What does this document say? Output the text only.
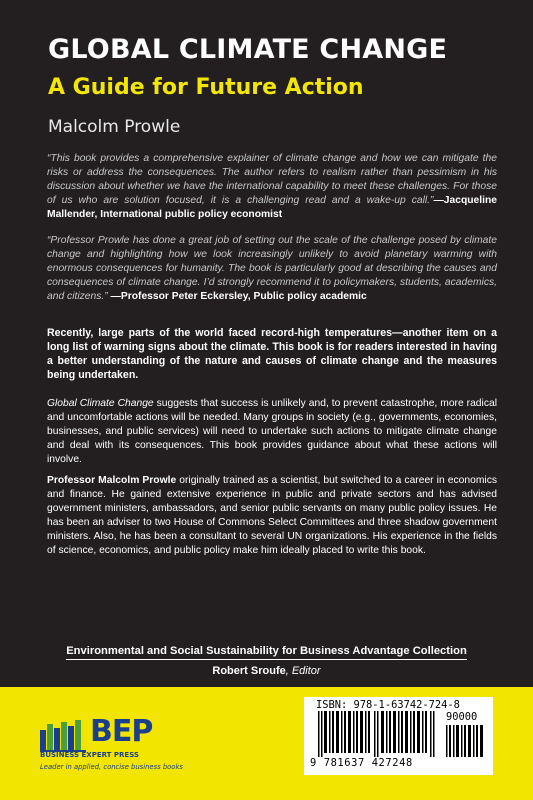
GLOBAL CLIMATE CHANGE
A Guide for Future Action
Malcolm Prowle
“This book provides a comprehensive explainer of climate change and how we can mitigate the risks or address the consequences. The author refers to realism rather than pessimism in his discussion about whether we have the international capability to meet these challenges. For those of us who are solution focused, it is a challenging read and a wake-up call.”—Jacqueline Mallender, International public policy economist
“Professor Prowle has done a great job of setting out the scale of the challenge posed by climate change and highlighting how we look increasingly unlikely to avoid planetary warming with enormous consequences for humanity. The book is particularly good at describing the causes and consequences of climate change. I’d strongly recommend it to policymakers, students, academics, and citizens.” —Professor Peter Eckersley, Public policy academic
Recently, large parts of the world faced record-high temperatures—another item on a long list of warning signs about the climate. This book is for readers interested in having a better understanding of the nature and causes of climate change and the measures being undertaken.
Global Climate Change suggests that success is unlikely and, to prevent catastrophe, more radical and uncomfortable actions will be needed. Many groups in society (e.g., governments, economies, businesses, and public services) will need to undertake such actions to mitigate climate change and deal with its consequences. This book provides guidance about what these actions will involve.
Professor Malcolm Prowle originally trained as a scientist, but switched to a career in economics and finance. He gained extensive experience in public and private sectors and has advised government ministers, ambassadors, and senior public servants on many public policy issues. He has been an adviser to two House of Commons Select Committees and three shadow government ministers. Also, he has been a consultant to several UN organizations. His experience in the fields of science, economics, and public policy make him ideally placed to write this book.
Environmental and Social Sustainability for Business Advantage Collection
Robert Sroufe, Editor
BEP
BUSINESS EXPERT PRESS
Leader in applied, concise business books
ISBN: 978-1-63742-724-8
90000
9 781637 427248
